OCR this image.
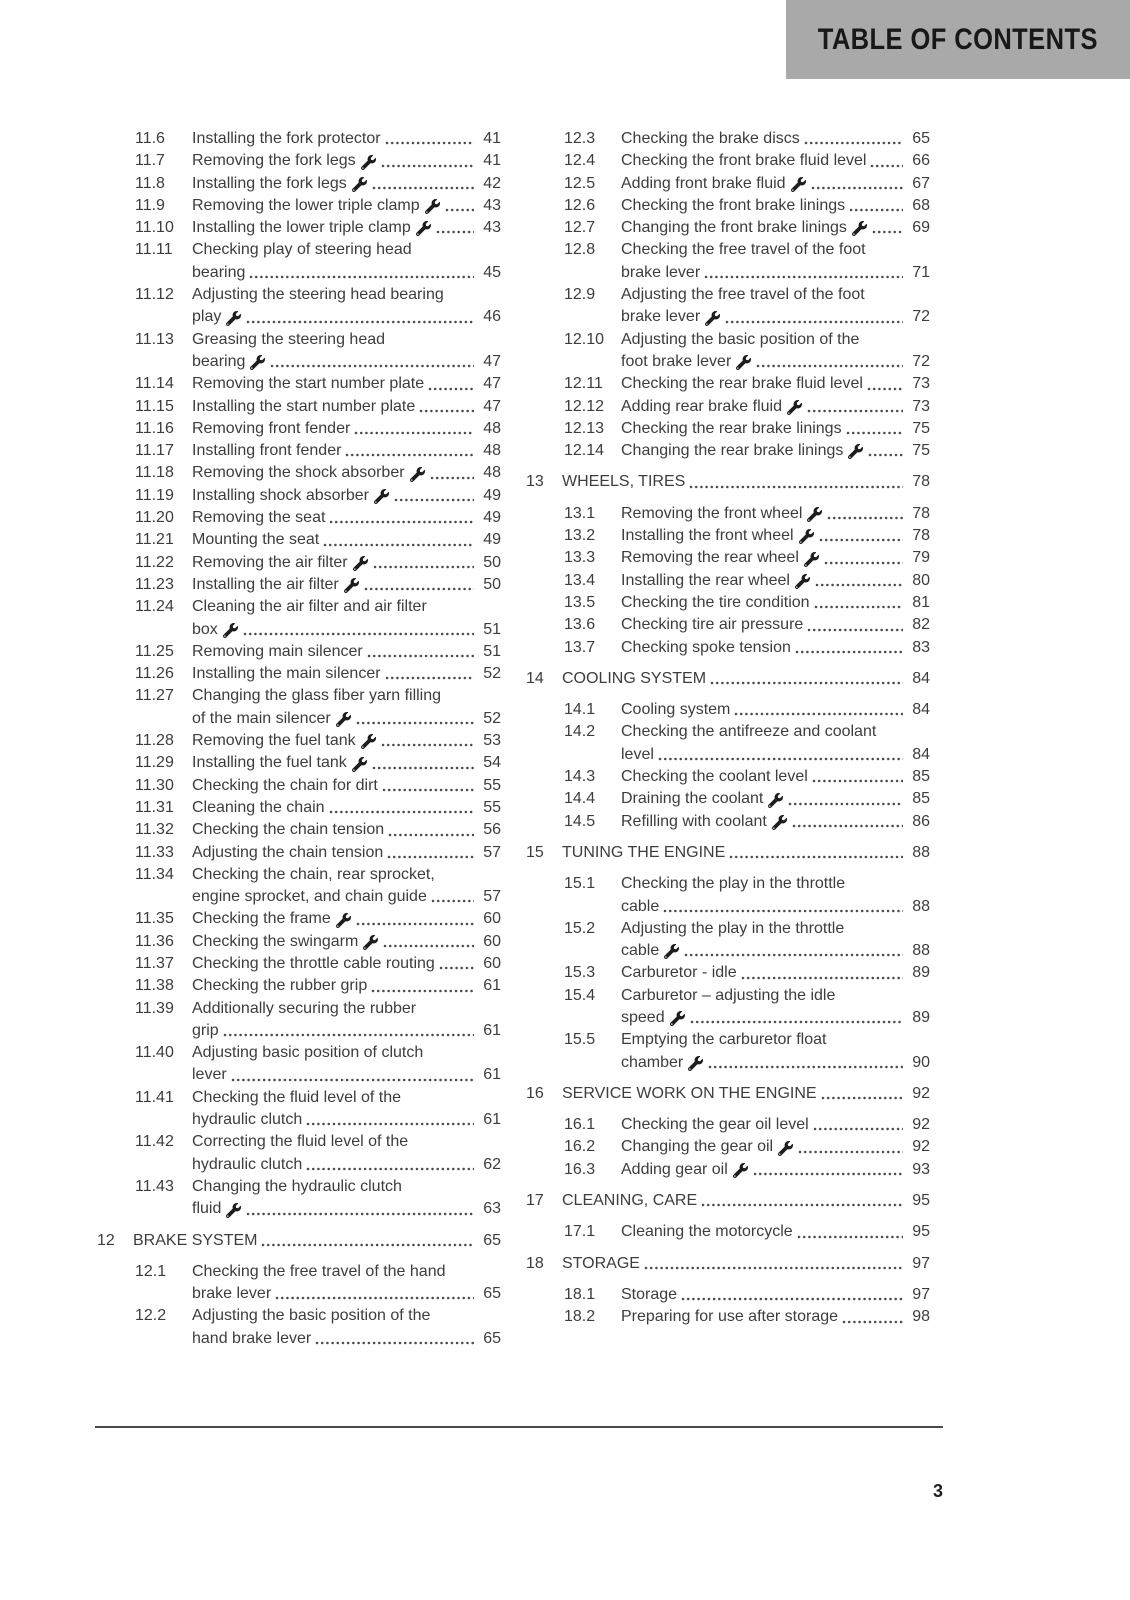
TABLE OF CONTENTS
11.6	Installing the fork protector	41
11.7	Removing the fork legs	41
11.8	Installing the fork legs	42
11.9	Removing the lower triple clamp	43
11.10	Installing the lower triple clamp	43
11.11	Checking play of steering head
bearing	45
11.12	Adjusting the steering head bearing
play	46
11.13	Greasing the steering head
bearing	47
11.14	Removing the start number plate	47
11.15	Installing the start number plate	47
11.16	Removing front fender	48
11.17	Installing front fender	48
11.18	Removing the shock absorber	48
11.19	Installing shock absorber	49
11.20	Removing the seat	49
11.21	Mounting the seat	49
11.22	Removing the air filter	50
11.23	Installing the air filter	50
11.24	Cleaning the air filter and air filter
box	51
11.25	Removing main silencer	51
11.26	Installing the main silencer	52
11.27	Changing the glass fiber yarn filling
of the main silencer	52
11.28	Removing the fuel tank	53
11.29	Installing the fuel tank	54
11.30	Checking the chain for dirt	55
11.31	Cleaning the chain	55
11.32	Checking the chain tension	56
11.33	Adjusting the chain tension	57
11.34	Checking the chain, rear sprocket,
engine sprocket, and chain guide	57
11.35	Checking the frame	60
11.36	Checking the swingarm	60
11.37	Checking the throttle cable routing	60
11.38	Checking the rubber grip	61
11.39	Additionally securing the rubber
grip	61
11.40	Adjusting basic position of clutch
lever	61
11.41	Checking the fluid level of the
hydraulic clutch	61
11.42	Correcting the fluid level of the
hydraulic clutch	62
11.43	Changing the hydraulic clutch
fluid	63
12	BRAKE SYSTEM	65
12.1	Checking the free travel of the hand
brake lever	65
12.2	Adjusting the basic position of the
hand brake lever	65
12.3	Checking the brake discs	65
12.4	Checking the front brake fluid level	66
12.5	Adding front brake fluid	67
12.6	Checking the front brake linings	68
12.7	Changing the front brake linings	69
12.8	Checking the free travel of the foot
brake lever	71
12.9	Adjusting the free travel of the foot
brake lever	72
12.10	Adjusting the basic position of the
foot brake lever	72
12.11	Checking the rear brake fluid level	73
12.12	Adding rear brake fluid	73
12.13	Checking the rear brake linings	75
12.14	Changing the rear brake linings	75
13	WHEELS, TIRES	78
13.1	Removing the front wheel	78
13.2	Installing the front wheel	78
13.3	Removing the rear wheel	79
13.4	Installing the rear wheel	80
13.5	Checking the tire condition	81
13.6	Checking tire air pressure	82
13.7	Checking spoke tension	83
14	COOLING SYSTEM	84
14.1	Cooling system	84
14.2	Checking the antifreeze and coolant
level	84
14.3	Checking the coolant level	85
14.4	Draining the coolant	85
14.5	Refilling with coolant	86
15	TUNING THE ENGINE	88
15.1	Checking the play in the throttle
cable	88
15.2	Adjusting the play in the throttle
cable	88
15.3	Carburetor - idle	89
15.4	Carburetor – adjusting the idle
speed	89
15.5	Emptying the carburetor float
chamber	90
16	SERVICE WORK ON THE ENGINE	92
16.1	Checking the gear oil level	92
16.2	Changing the gear oil	92
16.3	Adding gear oil	93
17	CLEANING, CARE	95
17.1	Cleaning the motorcycle	95
18	STORAGE	97
18.1	Storage	97
18.2	Preparing for use after storage	98
3
